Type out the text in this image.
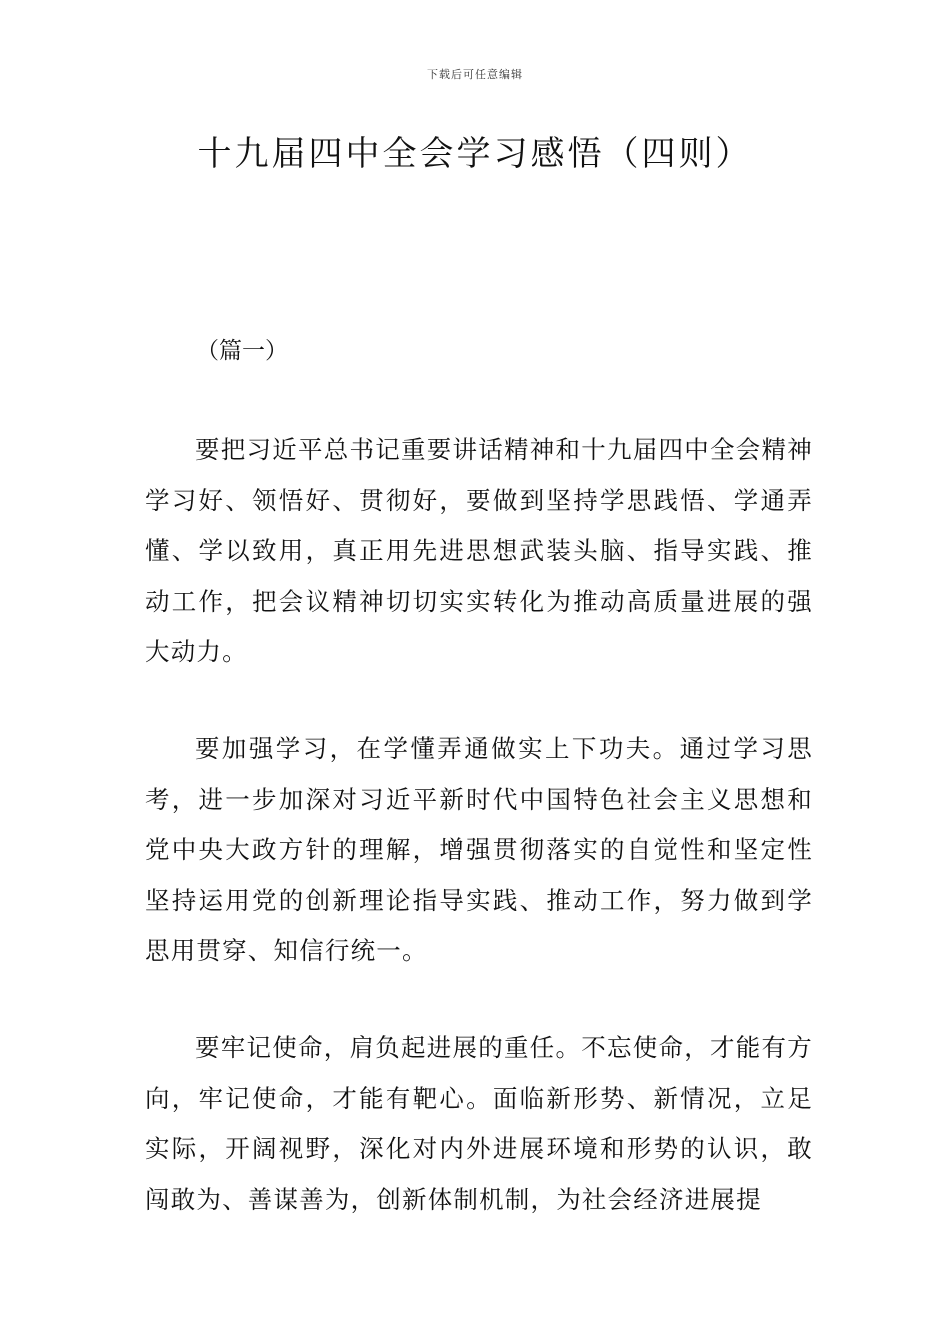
下载后可任意编辑
十九届四中全会学习感悟（四则）
（篇一）

要把习近平总书记重要讲话精神和十九届四中全会精神学习好、领悟好、贯彻好，要做到坚持学思践悟、学通弄懂、学以致用，真正用先进思想武装头脑、指导实践、推动工作，把会议精神切切实实转化为推动高质量进展的强大动力。

要加强学习，在学懂弄通做实上下功夫。通过学习思考，进一步加深对习近平新时代中国特色社会主义思想和党中央大政方针的理解，增强贯彻落实的自觉性和坚定性坚持运用党的创新理论指导实践、推动工作，努力做到学思用贯穿、知信行统一。

要牢记使命，肩负起进展的重任。不忘使命，才能有方向，牢记使命，才能有靶心。面临新形势、新情况，立足实际，开阔视野，深化对内外进展环境和形势的认识，敢闯敢为、善谋善为，创新体制机制，为社会经济进展提
